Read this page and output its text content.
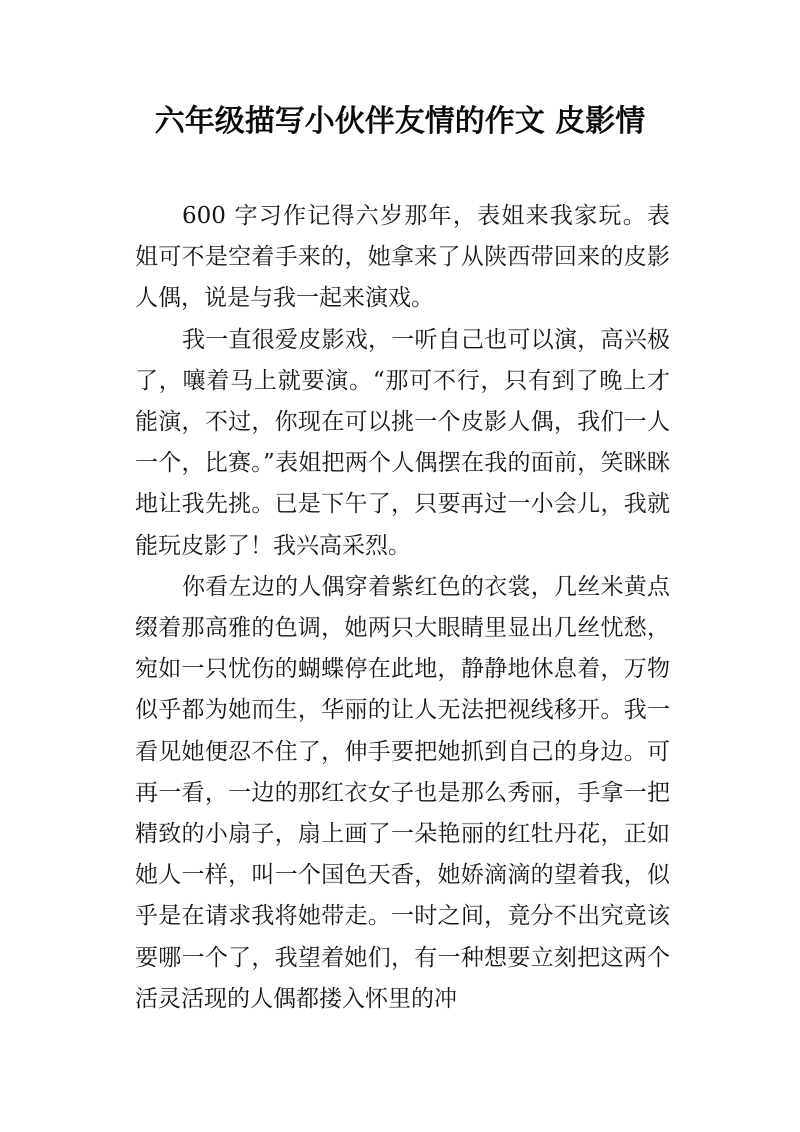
六年级描写小伙伴友情的作文 皮影情

600 字习作记得六岁那年，表姐来我家玩。表姐可不是空着手来的，她拿来了从陕西带回来的皮影人偶，说是与我一起来演戏。

我一直很爱皮影戏，一听自己也可以演，高兴极了，嚷着马上就要演。“那可不行，只有到了晚上才能演，不过，你现在可以挑一个皮影人偶，我们一人一个，比赛。”表姐把两个人偶摆在我的面前，笑眯眯地让我先挑。已是下午了，只要再过一小会儿，我就能玩皮影了！我兴高采烈。

你看左边的人偶穿着紫红色的衣裳，几丝米黄点缀着那高雅的色调，她两只大眼睛里显出几丝忧愁，宛如一只忧伤的蝴蝶停在此地，静静地休息着，万物似乎都为她而生，华丽的让人无法把视线移开。我一看见她便忍不住了，伸手要把她抓到自己的身边。可再一看，一边的那红衣女子也是那么秀丽，手拿一把精致的小扇子，扇上画了一朵艳丽的红牡丹花，正如她人一样，叫一个国色天香，她娇滴滴的望着我，似乎是在请求我将她带走。一时之间，竟分不出究竟该要哪一个了，我望着她们，有一种想要立刻把这两个活灵活现的人偶都搂入怀里的冲
